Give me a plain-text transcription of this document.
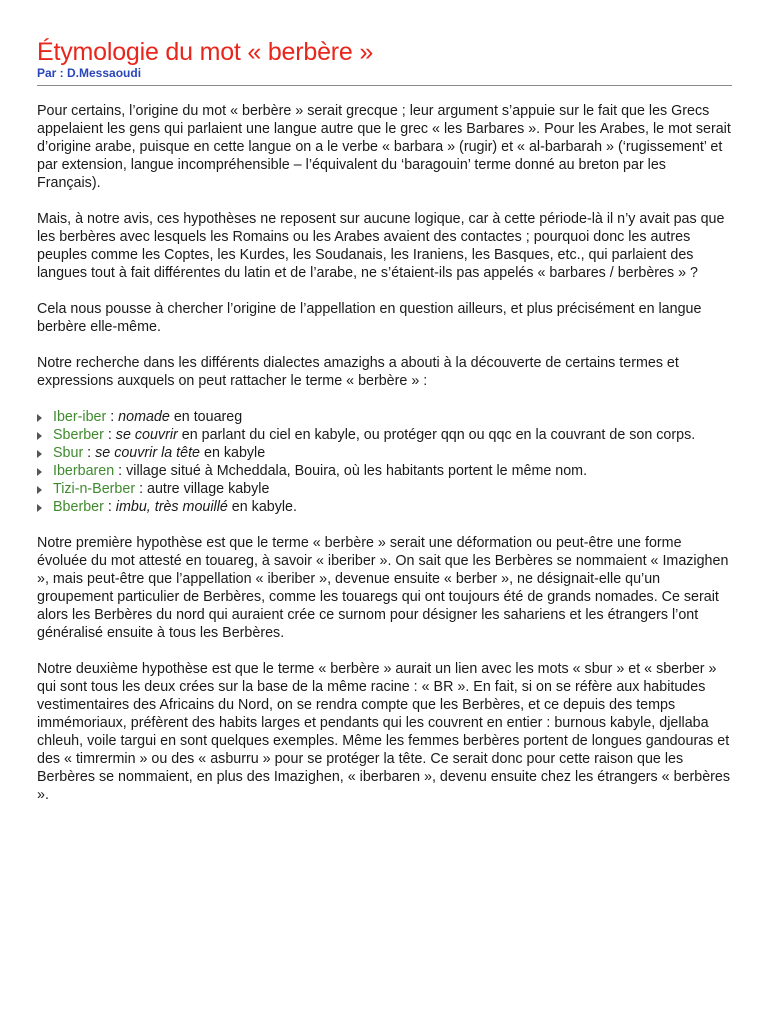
Étymologie du mot « berbère »
Par : D.Messaoudi

Pour certains, l’origine du mot « berbère » serait grecque ; leur argument s’appuie sur le fait que les Grecs appelaient les gens qui parlaient une langue autre que le grec « les Barbares ». Pour les Arabes, le mot serait d’origine arabe, puisque en cette langue on a le verbe « barbara » (rugir) et « al-barbarah » (‘rugissement’ et par extension, langue incompréhensible – l’équivalent du ‘baragouin’ terme donné au breton par les Français).

Mais, à notre avis, ces hypothèses ne reposent sur aucune logique, car à cette période-là il n’y avait pas que les berbères avec lesquels les Romains ou les Arabes avaient des contactes ; pourquoi donc les autres peuples comme les Coptes, les Kurdes, les Soudanais, les Iraniens, les Basques, etc., qui parlaient des langues tout à fait différentes du latin et de l’arabe, ne s’étaient-ils pas appelés « barbares / berbères » ?

Cela nous pousse à chercher l’origine de l’appellation en question ailleurs, et plus précisément en langue berbère elle-même.

Notre recherche dans les différents dialectes amazighs a abouti à la découverte de certains termes et expressions auxquels on peut rattacher le terme « berbère » :

Iber-iber : nomade en touareg
Sberber : se couvrir en parlant du ciel en kabyle, ou protéger qqn ou qqc en la couvrant de son corps.
Sbur : se couvrir la tête en kabyle
Iberbaren : village situé à Mcheddala, Bouira, où les habitants portent le même nom.
Tizi-n-Berber : autre village kabyle
Bberber : imbu, très mouillé en kabyle.

Notre première hypothèse est que le terme « berbère » serait une déformation ou peut-être une forme évoluée du mot attesté en touareg, à savoir « iberiber ». On sait que les Berbères se nommaient « Imazighen », mais peut-être que l’appellation « iberiber », devenue ensuite « berber », ne désignait-elle qu’un groupement particulier de Berbères, comme les touaregs qui ont toujours été de grands nomades. Ce serait alors les Berbères du nord qui auraient crée ce surnom pour désigner les sahariens et les étrangers l’ont généralisé ensuite à tous les Berbères.

Notre deuxième hypothèse est que le terme « berbère » aurait un lien avec les mots « sbur » et « sberber » qui sont tous les deux crées sur la base de la même racine : « BR ». En fait, si on se réfère aux habitudes vestimentaires des Africains du Nord, on se rendra compte que les Berbères, et ce depuis des temps immémoriaux, préfèrent des habits larges et pendants qui les couvrent en entier : burnous kabyle, djellaba chleuh, voile targui en sont quelques exemples. Même les femmes berbères portent de longues gandouras et des « timrermin » ou des « asburru » pour se protéger la tête. Ce serait donc pour cette raison que les Berbères se nommaient, en plus des Imazighen, « iberbaren », devenu ensuite chez les étrangers « berbères ».
